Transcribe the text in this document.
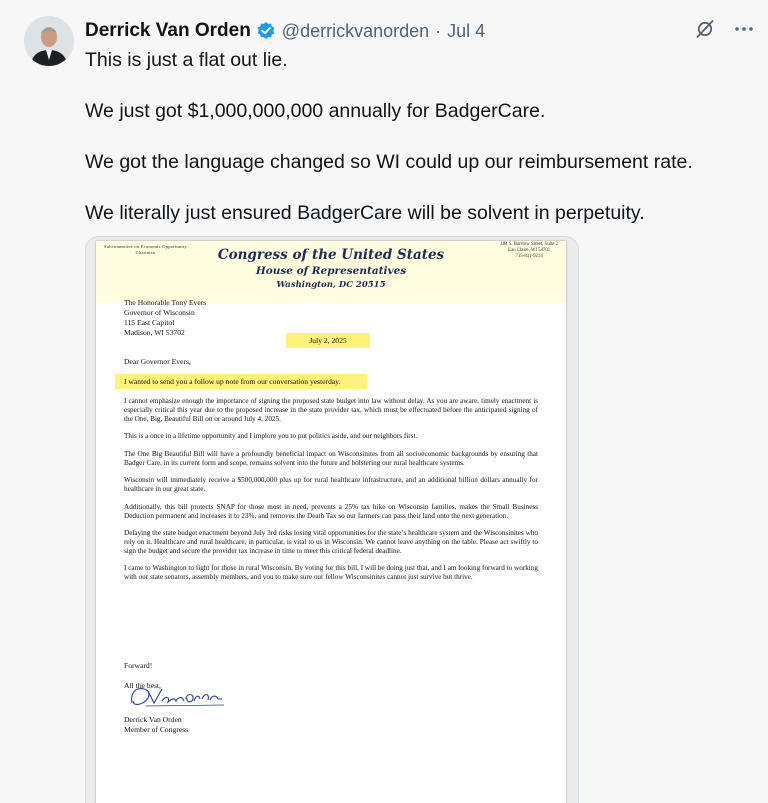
Derrick Van Orden @derrickvanorden · Jul 4

This is just a flat out lie.

We just got $1,000,000,000 annually for BadgerCare.

We got the language changed so WI could up our reimbursement rate.

We literally just ensured BadgerCare will be solvent in perpetuity.

Subcommittee on Economic Opportunity
Chairman
404 S. Barstow Street, Suite 2
Eau Claire, WI 54701
715-831-9214
Congress of the United States
House of Representatives
Washington, DC 20515
The Honorable Tony Evers
Governor of Wisconsin
115 East Capitol
Madison, WI 53702
July 2, 2025
Dear Governor Evers,
I wanted to send you a follow up note from our conversation yesterday.

I cannot emphasize enough the importance of signing the proposed state budget into law without delay. As you are aware, timely enactment is especially critical this year due to the proposed increase in the state provider tax, which must be effectuated before the anticipated signing of the One, Big, Beautiful Bill on or around July 4, 2025.

This is a once in a lifetime opportunity and I implore you to put politics aside, and our neighbors first.

The One Big Beautiful Bill will have a profoundly beneficial impact on Wisconsinites from all socioeconomic backgrounds by ensuring that Badger Care, in its current form and scope, remains solvent into the future and bolstering our rural healthcare systems.

Wisconsin will immediately receive a $500,000,000 plus up for rural healthcare infrastructure, and an additional billion dollars annually for healthcare in our great state.

Additionally, this bill protects SNAP for those most in need, prevents a 25% tax hike on Wisconsin families, makes the Small Business Deduction permanent and increases it to 23%, and removes the Death Tax so our farmers can pass their land onto the next generation.

Delaying the state budget enactment beyond July 3rd risks losing vital opportunities for the state’s healthcare system and the Wisconsinites who rely on it. Healthcare and rural healthcare, in particular, is vital to us in Wisconsin. We cannot leave anything on the table. Please act swiftly to sign the budget and secure the provider tax increase in time to meet this critical federal deadline.

I came to Washington to fight for those in rural Wisconsin. By voting for this bill, I will be doing just that, and I am looking forward to working with our state senators, assembly members, and you to make sure our fellow Wisconsinites cannot just survive but thrive.

Forward!
All the best,
Derrick Van Orden
Member of Congress
